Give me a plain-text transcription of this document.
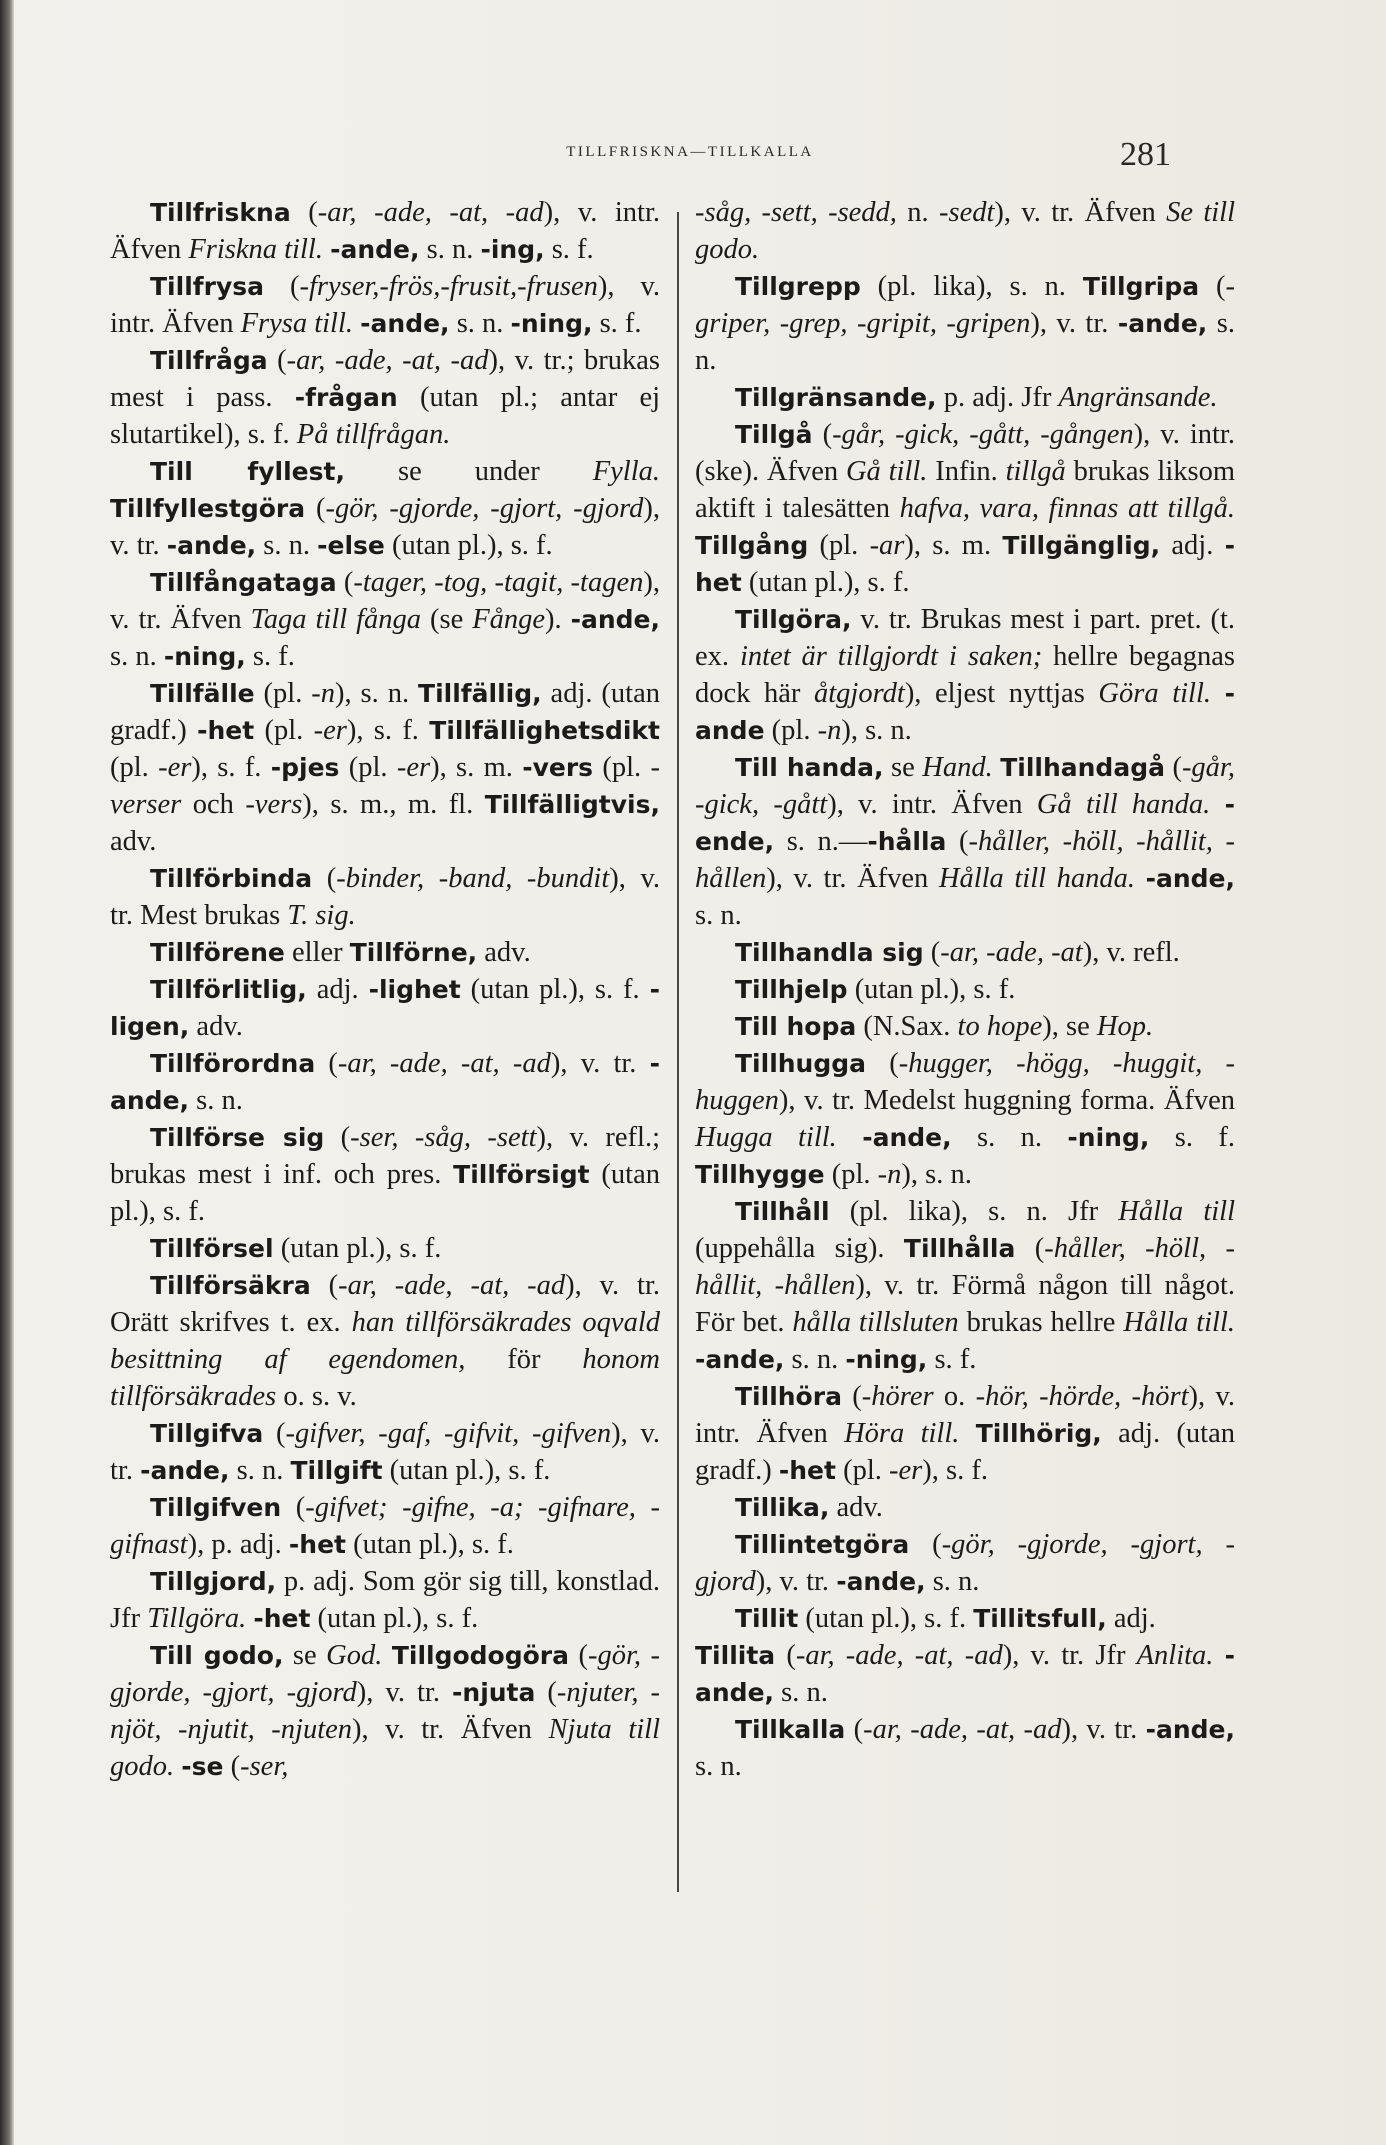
TILLFRISKNA—TILLKALLA	281

Tillfriskna (-ar, -ade, -at, -ad), v. intr. Äfven Friskna till. -ande, s. n. -ing, s. f.

Tillfrysa (-fryser,-frös,-frusit,-frusen), v. intr. Äfven Frysa till. -ande, s. n. -ning, s. f.

Tillfråga (-ar, -ade, -at, -ad), v. tr.; brukas mest i pass. -frågan (utan pl.; antar ej slutartikel), s. f. På tillfrågan.

Till fyllest, se under Fylla. Tillfyllestgöra (-gör, -gjorde, -gjort, -gjord), v. tr. -ande, s. n. -else (utan pl.), s. f.

Tillfångataga (-tager, -tog, -tagit, -tagen), v. tr. Äfven Taga till fånga (se Fånge). -ande, s. n. -ning, s. f.

Tillfälle (pl. -n), s. n. Tillfällig, adj. (utan gradf.) -het (pl. -er), s. f. Tillfällighetsdikt (pl. -er), s. f. -pjes (pl. -er), s. m. -vers (pl. -verser och -vers), s. m., m. fl. Tillfälligtvis, adv.

Tillförbinda (-binder, -band, -bundit), v. tr. Mest brukas T. sig.

Tillförene eller Tillförne, adv.

Tillförlitlig, adj. -lighet (utan pl.), s. f. -ligen, adv.

Tillförordna (-ar, -ade, -at, -ad), v. tr. -ande, s. n.

Tillförse sig (-ser, -såg, -sett), v. refl.; brukas mest i inf. och pres. Tillförsigt (utan pl.), s. f.

Tillförsel (utan pl.), s. f.

Tillförsäkra (-ar, -ade, -at, -ad), v. tr. Orätt skrifves t. ex. han tillförsäkrades oqvald besittning af egendomen, för honom tillförsäkrades o. s. v.

Tillgifva (-gifver, -gaf, -gifvit, -gifven), v. tr. -ande, s. n. Tillgift (utan pl.), s. f.

Tillgifven (-gifvet; -gifne, -a; -gifnare, -gifnast), p. adj. -het (utan pl.), s. f.

Tillgjord, p. adj. Som gör sig till, konstlad. Jfr Tillgöra. -het (utan pl.), s. f.

Till godo, se God. Tillgodogöra (-gör, -gjorde, -gjort, -gjord), v. tr. -njuta (-njuter, -njöt, -njutit, -njuten), v. tr. Äfven Njuta till godo. -se (-ser,

-såg, -sett, -sedd, n. -sedt), v. tr. Äfven Se till godo.

Tillgrepp (pl. lika), s. n. Tillgripa (-griper, -grep, -gripit, -gripen), v. tr. -ande, s. n.

Tillgränsande, p. adj. Jfr Angränsande.

Tillgå (-går, -gick, -gått, -gången), v. intr. (ske). Äfven Gå till. Infin. tillgå brukas liksom aktift i talesätten hafva, vara, finnas att tillgå. Tillgång (pl. -ar), s. m. Tillgänglig, adj. -het (utan pl.), s. f.

Tillgöra, v. tr. Brukas mest i part. pret. (t. ex. intet är tillgjordt i saken; hellre begagnas dock här åtgjordt), eljest nyttjas Göra till. -ande (pl. -n), s. n.

Till handa, se Hand. Tillhandagå (-går, -gick, -gått), v. intr. Äfven Gå till handa. -ende, s. n.—-hålla (-håller, -höll, -hållit, -hållen), v. tr. Äfven Hålla till handa. -ande, s. n.

Tillhandla sig (-ar, -ade, -at), v. refl.

Tillhjelp (utan pl.), s. f.

Till hopa (N.Sax. to hope), se Hop.

Tillhugga (-hugger, -högg, -huggit, -huggen), v. tr. Medelst huggning forma. Äfven Hugga till. -ande, s. n. -ning, s. f. Tillhygge (pl. -n), s. n.

Tillhåll (pl. lika), s. n. Jfr Hålla till (uppehålla sig). Tillhålla (-håller, -höll, -hållit, -hållen), v. tr. Förmå någon till något. För bet. hålla tillsluten brukas hellre Hålla till. -ande, s. n. -ning, s. f.

Tillhöra (-hörer o. -hör, -hörde, -hört), v. intr. Äfven Höra till. Tillhörig, adj. (utan gradf.) -het (pl. -er), s. f.

Tillika, adv.

Tillintetgöra (-gör, -gjorde, -gjort, -gjord), v. tr. -ande, s. n.

Tillit (utan pl.), s. f. Tillitsfull, adj.

Tillita (-ar, -ade, -at, -ad), v. tr. Jfr Anlita. -ande, s. n.

Tillkalla (-ar, -ade, -at, -ad), v. tr. -ande, s. n.
